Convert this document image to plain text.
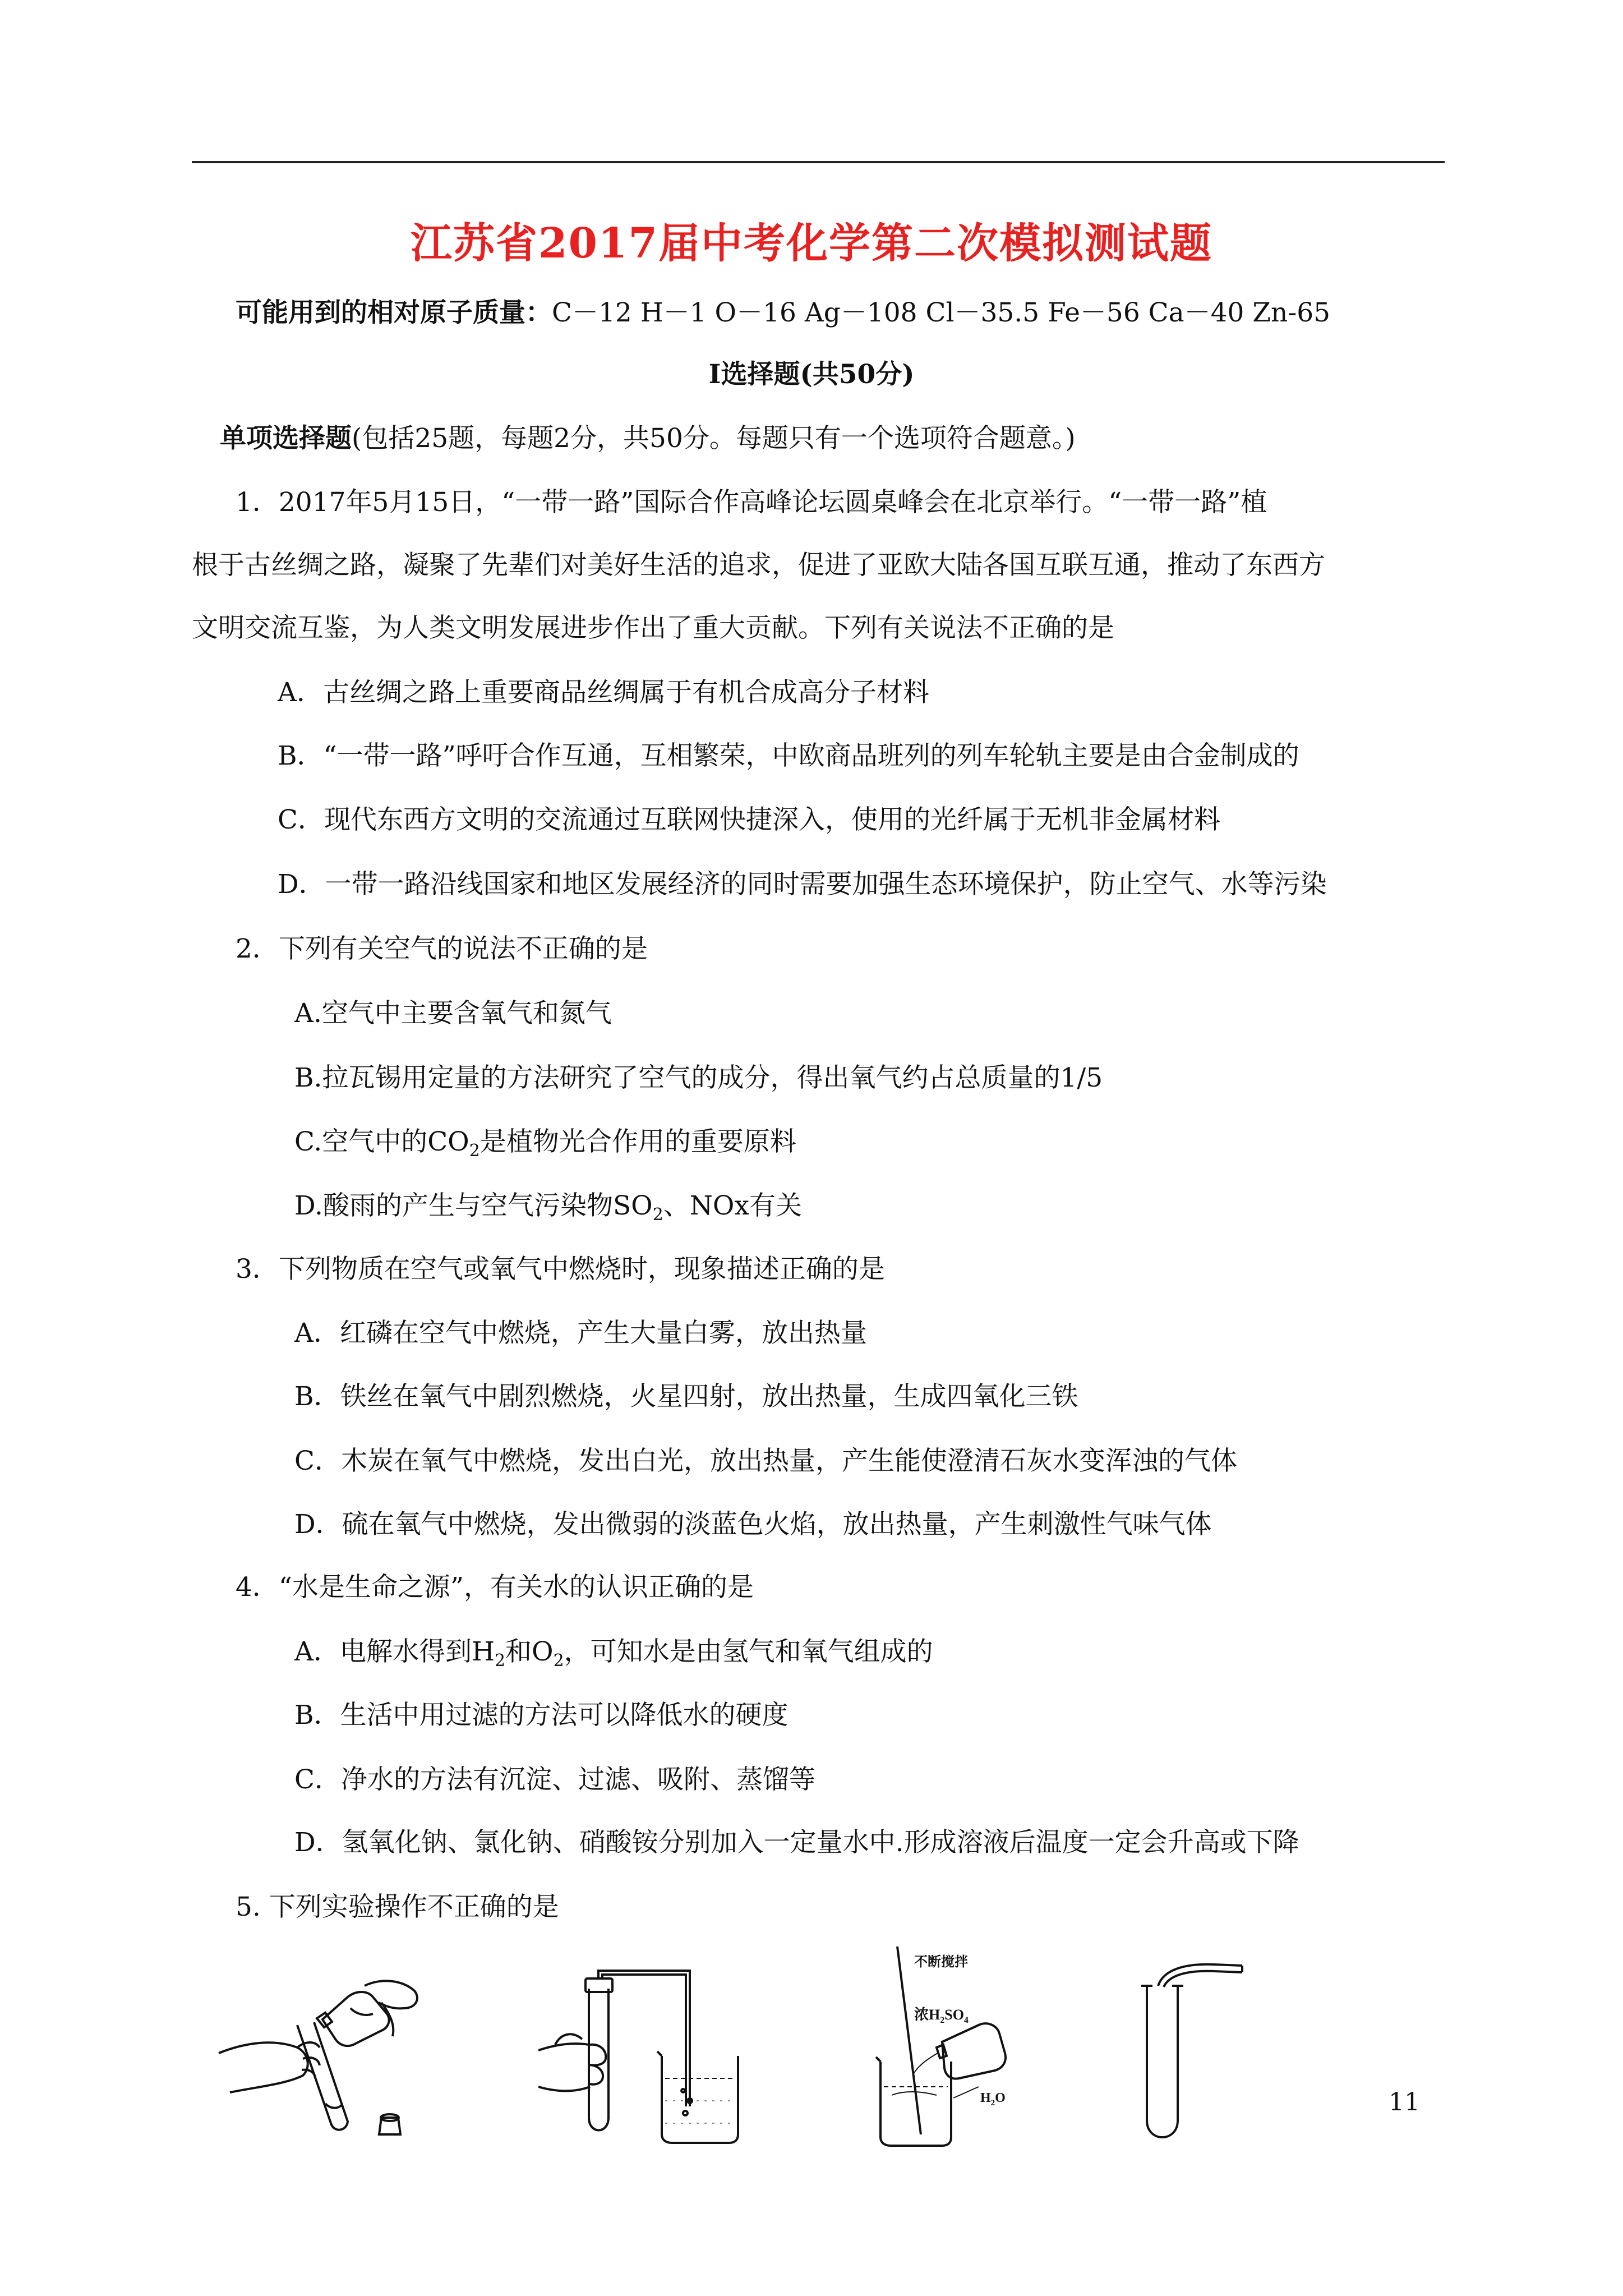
江苏省2017届中考化学第二次模拟测试题
可能用到的相对原子质量：C－12 H－1 O－16 Ag－108 Cl－35.5 Fe－56 Ca－40 Zn-65
Ⅰ选择题(共50分)
单项选择题(包括25题，每题2分，共50分。每题只有一个选项符合题意。)
1．2017年5月15日，“一带一路”国际合作高峰论坛圆桌峰会在北京举行。“一带一路”植
根于古丝绸之路，凝聚了先辈们对美好生活的追求，促进了亚欧大陆各国互联互通，推动了东西方
文明交流互鉴，为人类文明发展进步作出了重大贡献。下列有关说法不正确的是
A．古丝绸之路上重要商品丝绸属于有机合成高分子材料
B．“一带一路”呼吁合作互通，互相繁荣，中欧商品班列的列车轮轨主要是由合金制成的
C．现代东西方文明的交流通过互联网快捷深入，使用的光纤属于无机非金属材料
D．一带一路沿线国家和地区发展经济的同时需要加强生态环境保护，防止空气、水等污染
2．下列有关空气的说法不正确的是
A.空气中主要含氧气和氮气
B.拉瓦锡用定量的方法研究了空气的成分，得出氧气约占总质量的1/5
C.空气中的$CO_2$是植物光合作用的重要原料
D.酸雨的产生与空气污染物$SO_2$、NOx有关
3．下列物质在空气或氧气中燃烧时，现象描述正确的是
A．红磷在空气中燃烧，产生大量白雾，放出热量
B．铁丝在氧气中剧烈燃烧，火星四射，放出热量，生成四氧化三铁
C．木炭在氧气中燃烧，发出白光，放出热量，产生能使澄清石灰水变浑浊的气体
D．硫在氧气中燃烧，发出微弱的淡蓝色火焰，放出热量，产生刺激性气味气体
4．“水是生命之源”，有关水的认识正确的是
A．电解水得到$H_2$和$O_2$，可知水是由氢气和氧气组成的
B．生活中用过滤的方法可以降低水的硬度
C．净水的方法有沉淀、过滤、吸附、蒸馏等
D．氢氧化钠、氯化钠、硝酸铵分别加入一定量水中.形成溶液后温度一定会升高或下降
5. 下列实验操作不正确的是
不断搅拌
浓$H_2SO_4$
$H_2O$	11
